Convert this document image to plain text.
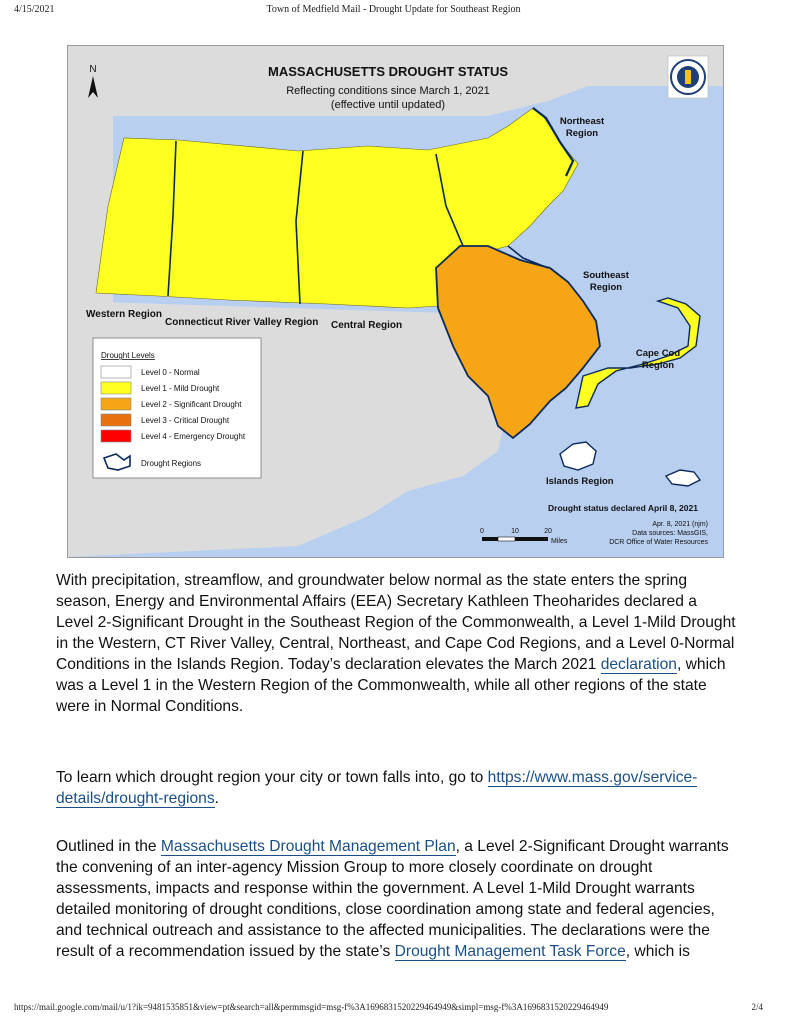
4/15/2021	Town of Medfield Mail - Drought Update for Southeast Region
MASSACHUSETTS DROUGHT STATUS
Reflecting conditions since March 1, 2021
(effective until updated)
N
Western Region
Connecticut River Valley Region Central Region
Northeast
Region
Southeast
Region
Cape Cod
Region
Islands Region
Drought Levels
Level 0 - Normal
Level 1 - Mild Drought
Level 2 - Significant Drought
Level 3 - Critical Drought
Level 4 - Emergency Drought
Drought Regions
Drought status declared April 8, 2021
Apr. 8, 2021 (njm)
Data sources: MassGIS,
DCR Office of Water Resources
0	10	20
Miles

With precipitation, streamflow, and groundwater below normal as the state enters the spring season, Energy and Environmental Affairs (EEA) Secretary Kathleen Theoharides declared a Level 2-Significant Drought in the Southeast Region of the Commonwealth, a Level 1-Mild Drought in the Western, CT River Valley, Central, Northeast, and Cape Cod Regions, and a Level 0-Normal Conditions in the Islands Region. Today’s declaration elevates the March 2021 declaration, which was a Level 1 in the Western Region of the Commonwealth, while all other regions of the state were in Normal Conditions.

To learn which drought region your city or town falls into, go to https://www.mass.gov/service-details/drought-regions.

Outlined in the Massachusetts Drought Management Plan, a Level 2-Significant Drought warrants the convening of an inter-agency Mission Group to more closely coordinate on drought assessments, impacts and response within the government. A Level 1-Mild Drought warrants detailed monitoring of drought conditions, close coordination among state and federal agencies, and technical outreach and assistance to the affected municipalities. The declarations were the result of a recommendation issued by the state’s Drought Management Task Force, which is

https://mail.google.com/mail/u/1?ik=9481535851&view=pt&search=all&permmsgid=msg-f%3A1696831520229464949&simpl=msg-f%3A1696831520229464949	2/4
